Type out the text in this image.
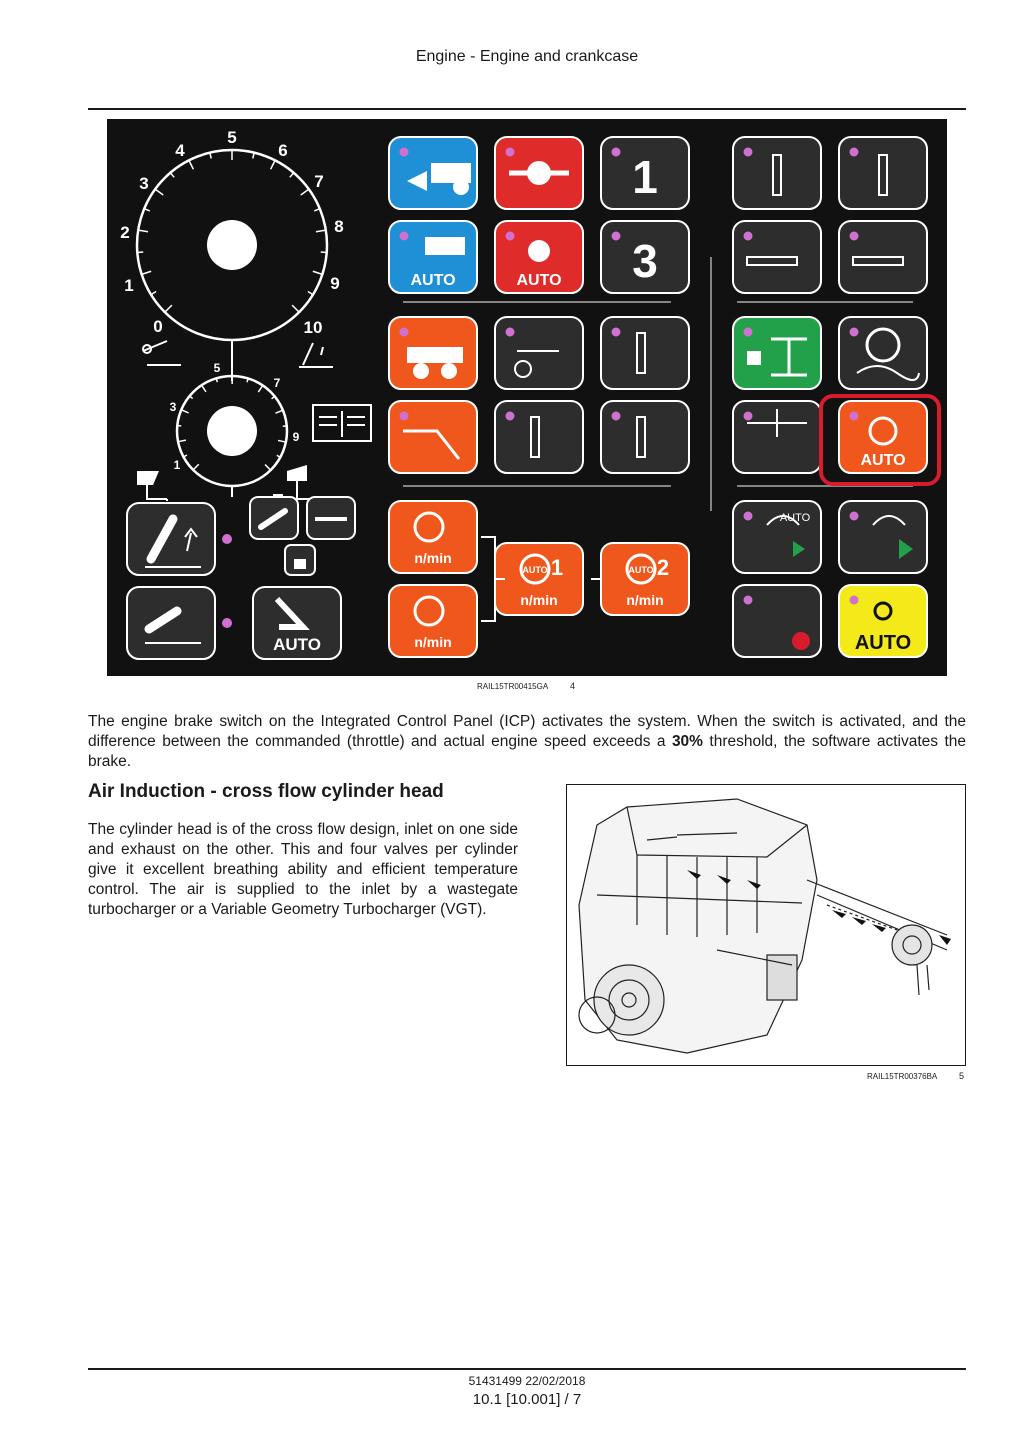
Engine - Engine and crankcase
0
1
2
3
4
5
6
7
8
9
10
1
3
5
7
9
AUTO
1
AUTO	AUTO 3
n/min
n/min
1
AUTO
n/min
2
AUTO
n/min
AUTO
AUTO
AUTO
RAIL15TR00415GA 4
The engine brake switch on the Integrated Control Panel (ICP) activates the system. When the switch is activated, and the difference between the commanded (throttle) and actual engine speed exceeds a 30% threshold, the software activates the brake.
Air Induction - cross flow cylinder head
The cylinder head is of the cross flow design, inlet on one side and exhaust on the other. This and four valves per cylinder give it excellent breathing ability and efficient temperature control. The air is supplied to the inlet by a wastegate turbocharger or a Variable Geometry Turbocharger (VGT).
RAIL15TR00376BA 5
51431499 22/02/2018
10.1 [10.001] / 7
